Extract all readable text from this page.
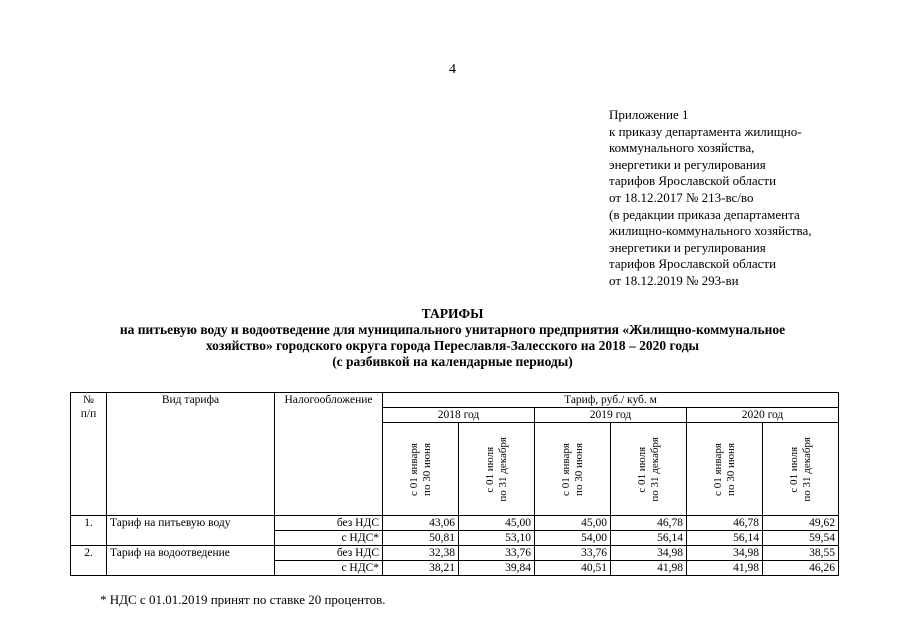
4
Приложение 1
к приказу департамента жилищно-
коммунального хозяйства,
энергетики и регулирования
тарифов Ярославской области
от 18.12.2017 № 213-вс/во
(в редакции приказа департамента
жилищно-коммунального хозяйства,
энергетики и регулирования
тарифов Ярославской области
от 18.12.2019 № 293-ви
ТАРИФЫ
на питьевую воду и водоотведение для муниципального унитарного предприятия «Жилищно-коммунальное
хозяйство» городского округа города Переславля-Залесского на 2018 – 2020 годы
(с разбивкой на календарные периоды)
№
п/п	Вид тарифа	Налогообложение	Тариф, руб./ куб. м					
			2018 год		2019 год		2020 год	

			с 01 января
по 30 июня	с 01 июля
по 31 декабря	с 01 января
по 30 июня	с 01 июля
по 31 декабря	с 01 января
по 30 июня	с 01 июля
по 31 декабря

1.	Тариф на питьевую воду	без НДС	43,06	45,00	45,00	46,78	46,78	49,62
		с НДС*	50,81	53,10	54,00	56,14	56,14	59,54
2.	Тариф на водоотведение	без НДС	32,38	33,76	33,76	34,98	34,98	38,55
		с НДС*	38,21	39,84	40,51	41,98	41,98	46,26
* НДС с 01.01.2019 принят по ставке 20 процентов.
